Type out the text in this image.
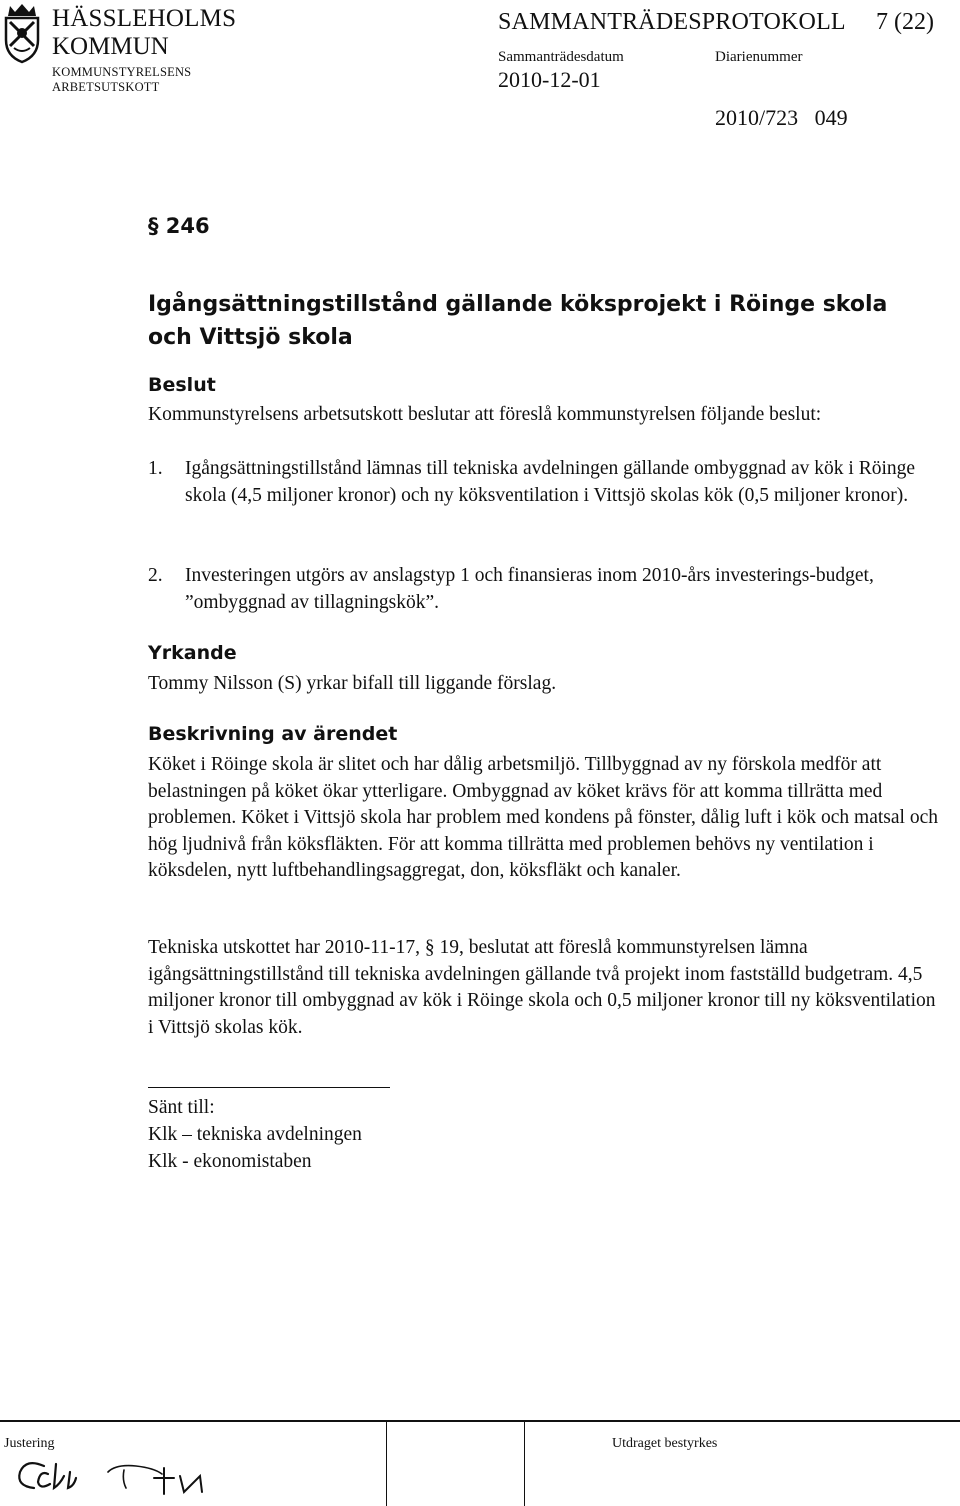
HÄSSLEHOLMS
KOMMUN
KOMMUNSTYRELSENS
ARBETSUTSKOTT
SAMMANTRÄDESPROTOKOLL 7 (22)
Sammanträdesdatum	Diarienummer
2010-12-01
2010/723   049
§ 246
Igångsättningstillstånd gällande köksprojekt i Röinge skola
och Vittsjö skola
Beslut
Kommunstyrelsens arbetsutskott beslutar att föreslå kommunstyrelsen följande beslut:
1. Igångsättningstillstånd lämnas till tekniska avdelningen gällande ombyggnad av kök i Röinge skola (4,5 miljoner kronor) och ny köksventilation i Vittsjö skolas kök (0,5 miljoner kronor).
2. Investeringen utgörs av anslagstyp 1 och finansieras inom 2010-års investerings-budget, ”ombyggnad av tillagningskök”.
Yrkande
Tommy Nilsson (S) yrkar bifall till liggande förslag.
Beskrivning av ärendet
Köket i Röinge skola är slitet och har dålig arbetsmiljö. Tillbyggnad av ny förskola medför att belastningen på köket ökar ytterligare. Ombyggnad av köket krävs för att komma tillrätta med problemen. Köket i Vittsjö skola har problem med kondens på fönster, dålig luft i kök och matsal och hög ljudnivå från köksfläkten. För att komma tillrätta med problemen behövs ny ventilation i köksdelen, nytt luftbehandlingsaggregat, don, köksfläkt och kanaler.
Tekniska utskottet har 2010-11-17, § 19, beslutat att föreslå kommunstyrelsen lämna igångsättningstillstånd till tekniska avdelningen gällande två projekt inom fastställd budgetram. 4,5 miljoner kronor till ombyggnad av kök i Röinge skola och 0,5 miljoner kronor till ny köksventilation i Vittsjö skolas kök.
Sänt till:
Klk – tekniska avdelningen
Klk - ekonomistaben
Justering	Utdraget bestyrkes
